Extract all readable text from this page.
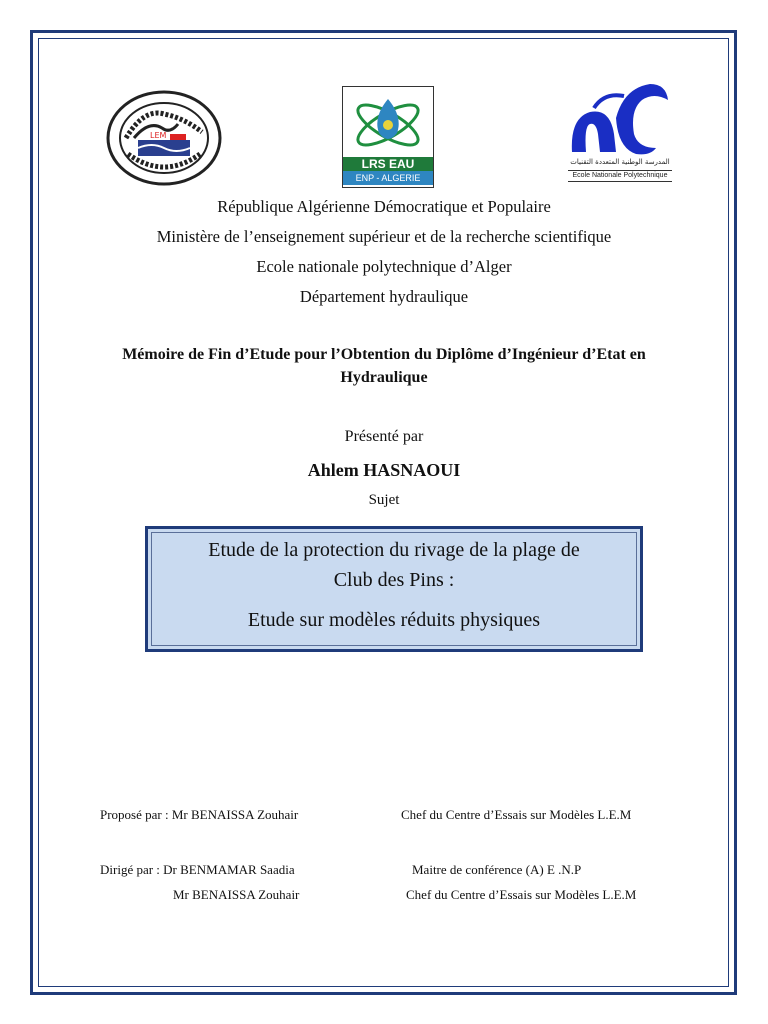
LEM
LRS EAU
ENP - ALGERIE
المدرسة الوطنية المتعددة التقنيات
Ecole Nationale Polytechnique
République Algérienne Démocratique et Populaire
Ministère de l’enseignement supérieur et de la recherche scientifique
Ecole nationale polytechnique d’Alger
Département hydraulique
Mémoire de Fin d’Etude pour l’Obtention du Diplôme d’Ingénieur d’Etat en
Hydraulique
Présenté par
Ahlem HASNAOUI
Sujet
Etude de la protection du rivage de la plage de
Club des Pins :
Etude sur modèles réduits physiques
Proposé par : Mr BENAISSA Zouhair	Chef du Centre d’Essais sur Modèles L.E.M
Dirigé par : Dr BENMAMAR Saadia	Maitre de conférence (A) E .N.P
Mr BENAISSA Zouhair	Chef du Centre d’Essais sur Modèles L.E.M
